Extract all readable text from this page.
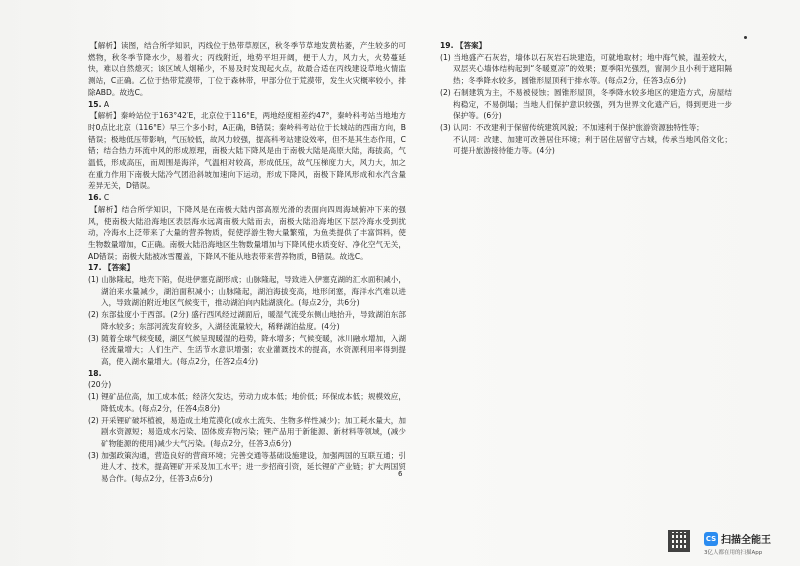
【解析】读图，结合所学知识，丙线位于热带草原区，秋冬季节草地发黄枯萎，产生较多的可燃物，秋冬季节降水少，易着火；丙线附近，地势平坦开阔，便于人力，风力大，火势蔓延快，难以自然熄灭；该区域人烟稀少，不易及时发现起火点，故最合适在丙线建设草地火情监测站，C正确。乙位于热带荒漠带，丁位于森林带，甲部分位于荒漠带，发生火灾概率较小，排除ABD。故选C。

15. A

【解析】秦岭站位于163°42′E，北京位于116°E，两地经度相差约47°，秦岭科考站当地地方时0点比北京（116°E）早三个多小时，A正确，B错误；秦岭科考站位于长城站的西南方向，B错误；极地低压带影响，气压较低，故风力较强，提高科考站建设效率，但不是其生态作用，C错；结合热力环流中风的形成原理，南极大陆下降风是由于南极大陆是高原大陆，海拔高，气温低，形成高压，而周围是海洋，气温相对较高，形成低压，故气压梯度力大，风力大，加之在重力作用下南极大陆冷气团沿斜坡加速向下运动，形成下降风，南极下降风形成和水汽含量差异无关，D错误。

16. C

【解析】结合所学知识，下降风是在南极大陆内部高原光滑的表面向四周海域俯冲下来的强风，使南极大陆沿海地区表层海水远离南极大陆而去，南极大陆沿海地区下层冷海水受到扰动，冷海水上泛带来了大量的营养物质，促使浮游生物大量繁殖，为鱼类提供了丰富饵料，使生物数量增加，C正确。南极大陆沿海地区生物数量增加与下降风使水质变好、净化空气无关，AD错误；南极大陆被冰雪覆盖，下降风不能从地表带来营养物质，B错误。故选C。

17. 【答案】

(1) 山脉隆起，地壳下陷，促进伊塞克湖形成；山脉隆起，导致进入伊塞克湖的汇水面积减小，湖泊来水量减少，湖泊面积减小；山脉隆起，湖泊海拔变高，地形闭塞，海洋水汽难以进入，导致湖泊附近地区气候变干，推动湖泊向内陆湖演化。(每点2分，共6分)

(2) 东部盐度小于西部。(2分) 盛行西风经过湖面后，暖湿气流受东侧山地抬升，导致湖泊东部降水较多；东部河流发育较多，入湖径流量较大，稀释湖泊盐度。(4分)

(3) 随着全球气候变暖，湖区气候呈现暖湿的趋势，降水增多；气候变暖，冰川融水增加，入湖径流量增大；人们生产、生活节水意识增强；农业灌溉技术的提高，水资源利用率得到提高，使入湖水量增大。(每点2分，任答2点4分)

18.

(20分)

(1) 锂矿品位高，加工成本低；经济欠发达，劳动力成本低；地价低；环保成本低；规模效应，降低成本。(每点2分，任答4点8分)

(2) 开采锂矿破坏植被，易造成土地荒漠化(或水土流失、生物多样性减少)；加工耗水量大，加剧水资源短；易造成水污染、固体废弃物污染；锂产品用于新能源、新材料等领域，(减少矿物能源的使用)减少大气污染。(每点2分，任答3点6分)

(3) 加强政策沟通，营造良好的营商环境；完善交通等基础设施建设，加强两国的互联互通；引进人才、技术，提高锂矿开采及加工水平；进一步招商引资，延长锂矿产业链；扩大两国贸易合作。(每点2分，任答3点6分)

19. 【答案】

(1) 当地盛产石灰岩，墙体以石灰岩石块建造，可就地取材；地中海气候，温差较大，双层夹心墙体结构起到“冬暖夏凉”的效果；夏季阳光强烈，窗洞少且小利于遮阳隔热；冬季降水较多，圆锥形屋顶利于排水等。(每点2分，任答3点6分)

(2) 石制建筑为主，不易被侵蚀；圆锥形屋顶，冬季降水较多地区的建造方式，房屋结构稳定，不易倒塌；当地人们保护意识较强，列为世界文化遗产后，得到更进一步保护等。(6分)

(3) 认同：不改建利于保留传统建筑风貌；不加速利于保护旅游资源独特性等；

不认同：改建、加建可改善居住环境；利于居住居留守古城，传承当地风俗文化；可提升旅游接待能力等。(4分)

6
CS 扫描全能王
3亿人都在用的扫描App
